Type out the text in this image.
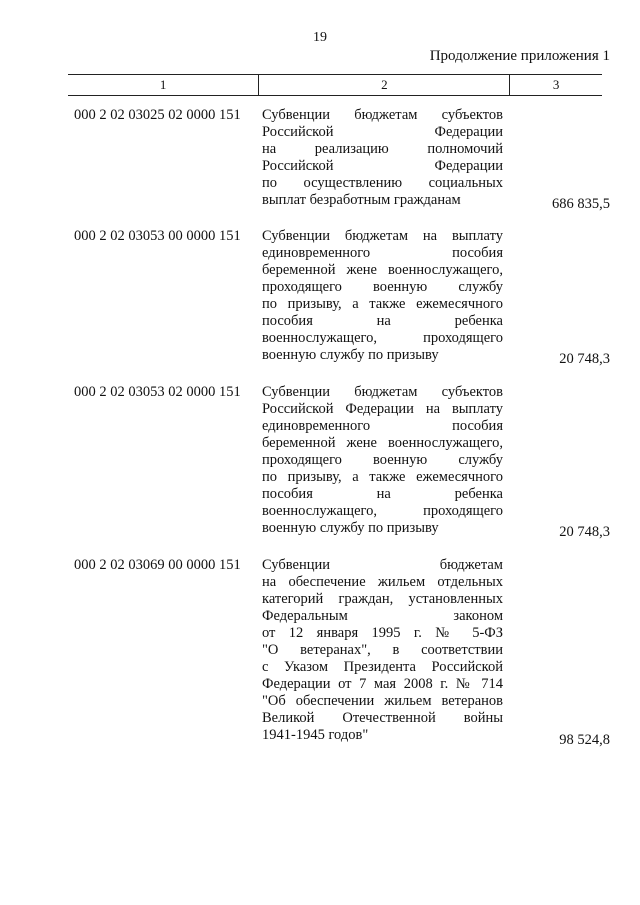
19
Продолжение приложения 1
1	2	3
000 2 02 03025 02 0000 151	Субвенции бюджетам субъектов
Российской Федерации
на реализацию полномочий
Российской Федерации
по осуществлению социальных
выплат безработным гражданам	686 835,5
000 2 02 03053 00 0000 151	Субвенции бюджетам на выплату
единовременного пособия
беременной жене военнослужащего,
проходящего военную службу
по призыву, а также ежемесячного
пособия на ребенка
военнослужащего, проходящего
военную службу по призыву	20 748,3
000 2 02 03053 02 0000 151	Субвенции бюджетам субъектов
Российской Федерации на выплату
единовременного пособия
беременной жене военнослужащего,
проходящего военную службу
по призыву, а также ежемесячного
пособия на ребенка
военнослужащего, проходящего
военную службу по призыву	20 748,3
000 2 02 03069 00 0000 151	Субвенции бюджетам
на обеспечение жильем отдельных
категорий граждан, установленных
Федеральным законом
от 12 января 1995 г. № 5-ФЗ
"О ветеранах", в соответствии
с Указом Президента Российской
Федерации от 7 мая 2008 г. № 714
"Об обеспечении жильем ветеранов
Великой Отечественной войны
1941-1945 годов"	98 524,8
